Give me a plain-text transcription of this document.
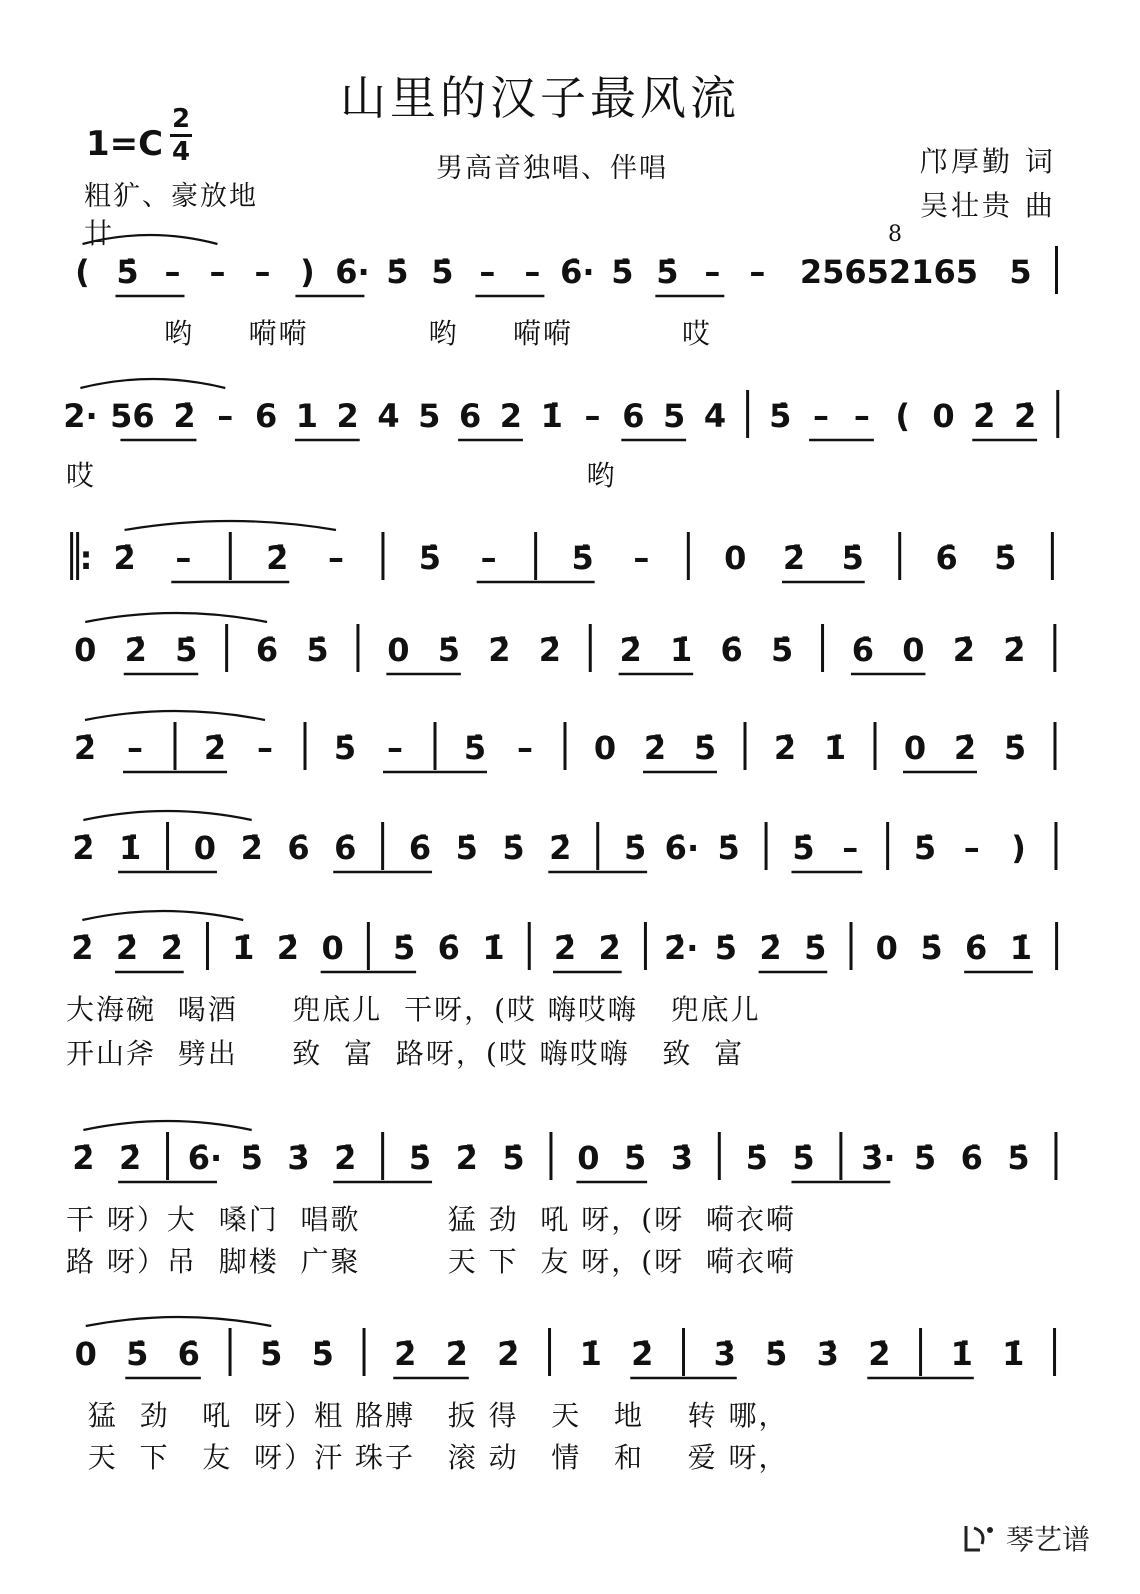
山里的汉子最风流
1=C
2
4
粗犷、豪放地
男高音独唱、伴唱	邝厚勤 词
吴壮贵 曲
廿	8
( 5̇ – – – ) 6̇· 5̇ 5̇ – – 6̇· 5̇ 5̇ – –	25652165 5
2· 56 2̇ – 6 1 2 4 5 6 2 1̇ – 6 5 4 5̇ – – ( 0 2̇ 2̇
: 2̇	–	2̇	–	5̇	–	5̇	–	0	2̇	5̇	6̇	5̇
0 2̇ 5̇	6̇ 5̇	0 5̇ 2̇ 2̇	2̇ 1̇ 6̇ 5̇	6̇ 0 2̇ 2̇
2̇ –	2̇ –	5̇ –	5̇ –	0 2̇ 5̇	2̇ 1̇	0 2̇ 5̇
2̇ 1̇	0 2̇ 6̇ 6̇	6̇ 5̇ 5̇ 2̇	5̇ 6̇· 5̇	5̇ –	5̇ – )
2̇ 2̇ 2̇	1̇ 2̇ 0	5̇ 6̇ 1̇	2̇ 2̇	2̇· 5̇ 2̇ 5̇	0 5̇ 6̇ 1̇
2̇ 2̇	6̇· 5̇ 3̇ 2̇	5̇ 2̇ 5̇	0 5̇ 3̇	5̇ 5̇	3̇· 5̇ 6̇ 5̇
0 5̇ 6̇	5̇ 5̇	2̇ 2̇ 2̇	1̇ 2̇	3̇ 5̇ 3̇ 2̇	1̇ 1̇
哟     嗬嗬           哟     嗬嗬          哎
哎                                             哟
大海碗  喝酒     兜底儿  干呀，(哎 嗨哎嗨   兜底儿
开山斧  劈出     致  富  路呀，(哎 嗨哎嗨   致  富
干 呀）大  嗓门  唱歌        猛 劲  吼 呀，(呀  嗬衣嗬
路 呀）吊  脚楼  广聚        天 下  友 呀，(呀  嗬衣嗬
猛  劲   吼  呀）粗 胳膊   扳 得   天   地    转 哪，
天  下   友  呀）汗 珠子   滚 动   情   和    爱 呀，
琴艺谱
